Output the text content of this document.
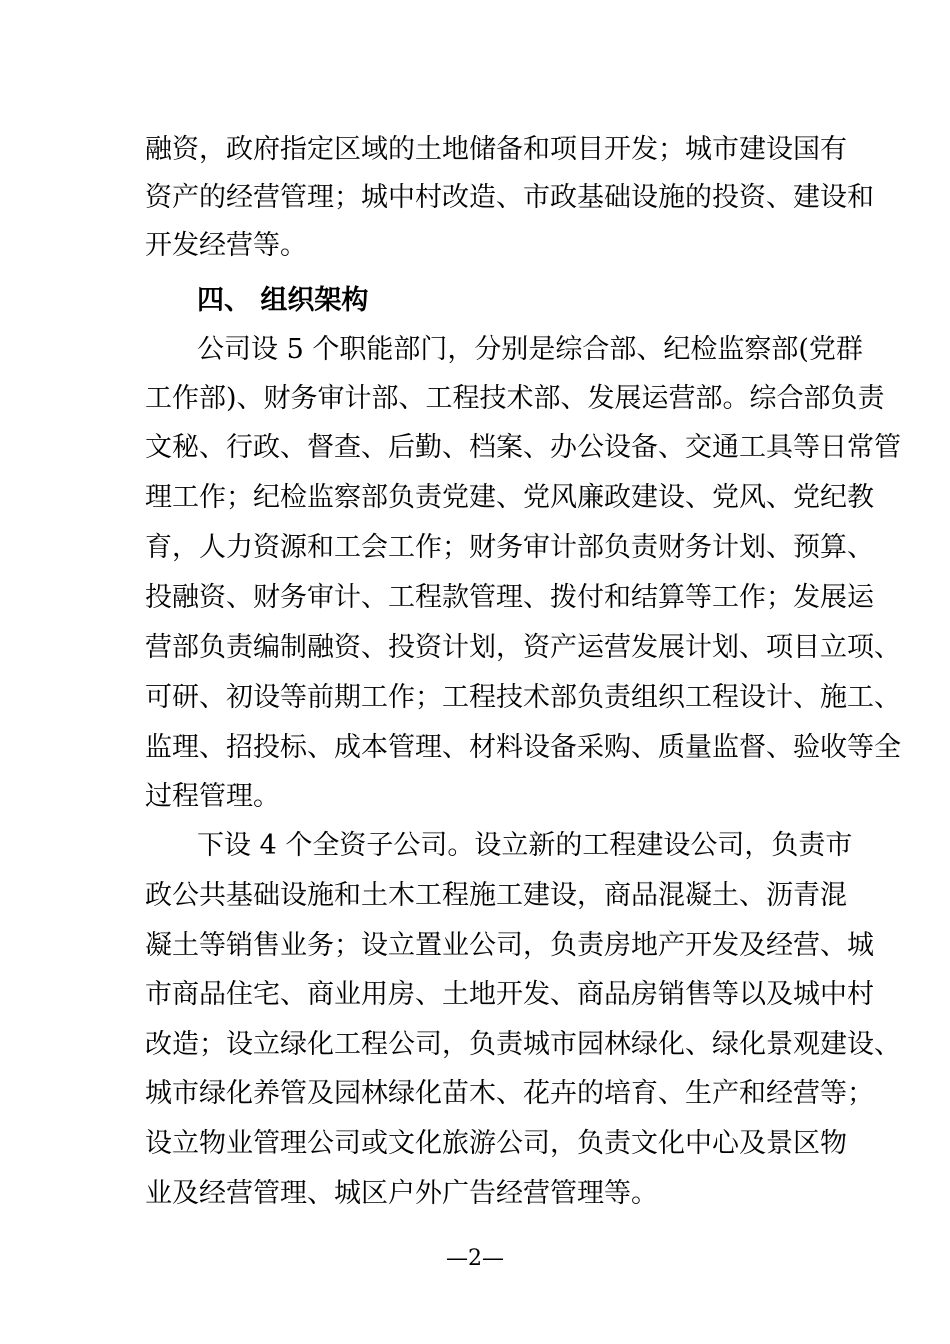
融资，政府指定区域的土地储备和项目开发；城市建设国有
资产的经营管理；城中村改造、市政基础设施的投资、建设和
开发经营等。
四、 组织架构
公司设 5 个职能部门，分别是综合部、纪检监察部(党群
工作部)、财务审计部、工程技术部、发展运营部。综合部负责
文秘、行政、督查、后勤、档案、办公设备、交通工具等日常管
理工作；纪检监察部负责党建、党风廉政建设、党风、党纪教
育，人力资源和工会工作；财务审计部负责财务计划、预算、
投融资、财务审计、工程款管理、拨付和结算等工作；发展运
营部负责编制融资、投资计划，资产运营发展计划、项目立项、
可研、初设等前期工作；工程技术部负责组织工程设计、施工、
监理、招投标、成本管理、材料设备采购、质量监督、验收等全
过程管理。
下设 4 个全资子公司。设立新的工程建设公司，负责市
政公共基础设施和土木工程施工建设，商品混凝土、沥青混
凝土等销售业务；设立置业公司，负责房地产开发及经营、城
市商品住宅、商业用房、土地开发、商品房销售等以及城中村
改造；设立绿化工程公司，负责城市园林绿化、绿化景观建设、
城市绿化养管及园林绿化苗木、花卉的培育、生产和经营等；
设立物业管理公司或文化旅游公司，负责文化中心及景区物
业及经营管理、城区户外广告经营管理等。
—2—
